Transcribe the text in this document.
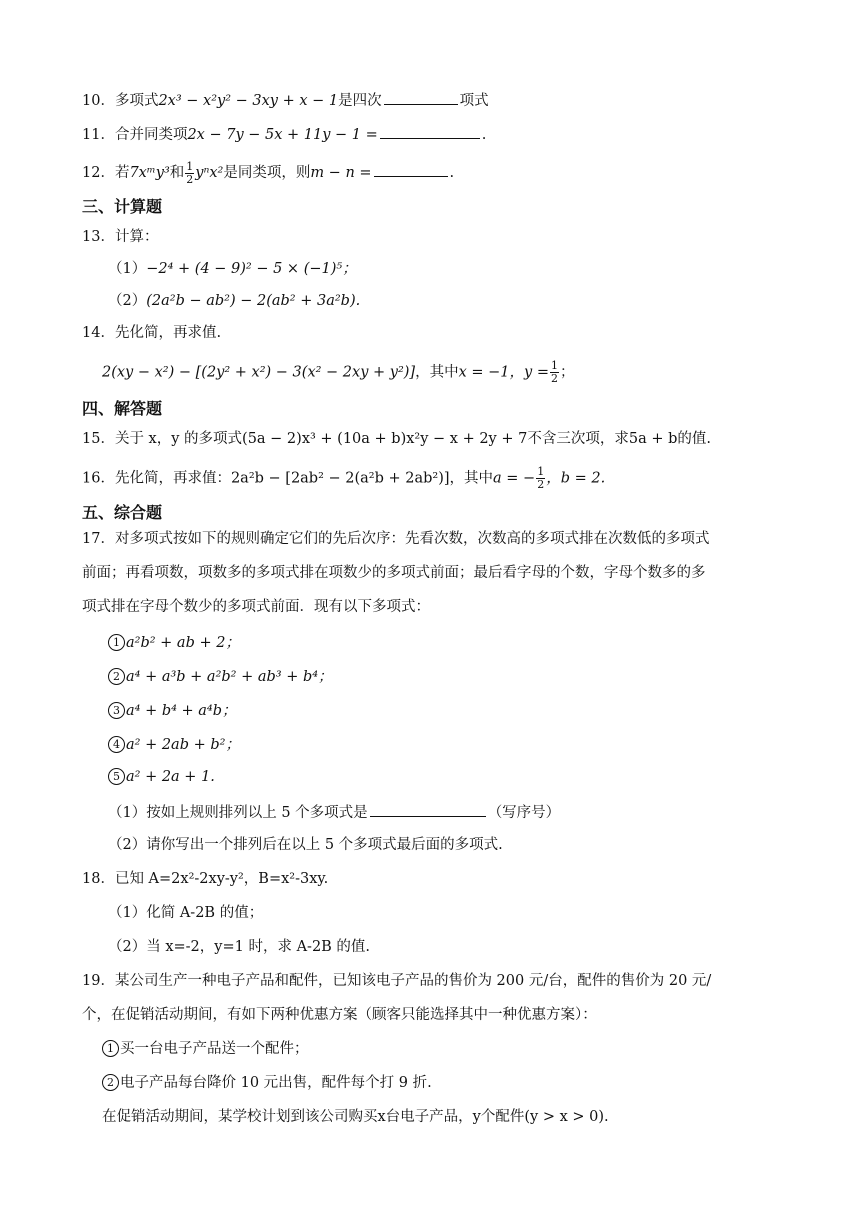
10．多项式2x³ − x²y² − 3xy + x − 1是四次	项式
11．合并同类项2x − 7y − 5x + 11y − 1 =	.
12．若7xᵐy³和 $\frac{1}{2} y^nx^2$是同类项，则m − n =	.
三、计算题
13．计算：
（1）−2⁴ + (4 − 9)² − 5 × (−1)⁵；
（2）(2a²b − ab²) − 2(ab² + 3a²b).
14．先化简，再求值.
2(xy − x²) − [(2y² + x²) − 3(x² − 2xy + y²)]，其中x = −1，$y = \frac{1}{2}$ ；
四、解答题
15．关于 x，y 的多项式(5a − 2)x³ + (10a + b)x²y − x + 2y + 7不含三次项，求5a + b的值.
16．先化简，再求值：2a²b − [2ab² − 2(a²b + 2ab²)]，其中a = − $\frac{1}{2}$ ，b = 2.
五、综合题
17．对多项式按如下的规则确定它们的先后次序：先看次数，次数高的多项式排在次数低的多项式
前面；再看项数，项数多的多项式排在项数少的多项式前面；最后看字母的个数，字母个数多的多
项式排在字母个数少的多项式前面．现有以下多项式：
1 a²b² + ab + 2；
2 a⁴ + a³b + a²b² + ab³ + b⁴；
3 a⁴ + b⁴ + a⁴b；
4 a² + 2ab + b²；
5 a² + 2a + 1.
（1）按如上规则排列以上 5 个多项式是	（写序号）
（2）请你写出一个排列后在以上 5 个多项式最后面的多项式.
18．已知 A=2x²-2xy-y²，B=x²-3xy.
（1）化简 A-2B 的值；
（2）当 x=-2，y=1 时，求 A-2B 的值.
19．某公司生产一种电子产品和配件，已知该电子产品的售价为 200 元/台，配件的售价为 20 元/
个，在促销活动期间，有如下两种优惠方案（顾客只能选择其中一种优惠方案）：
1 买一台电子产品送一个配件；
2 电子产品每台降价 10 元出售，配件每个打 9 折.
在促销活动期间，某学校计划到该公司购买x台电子产品，y个配件(y > x > 0).
